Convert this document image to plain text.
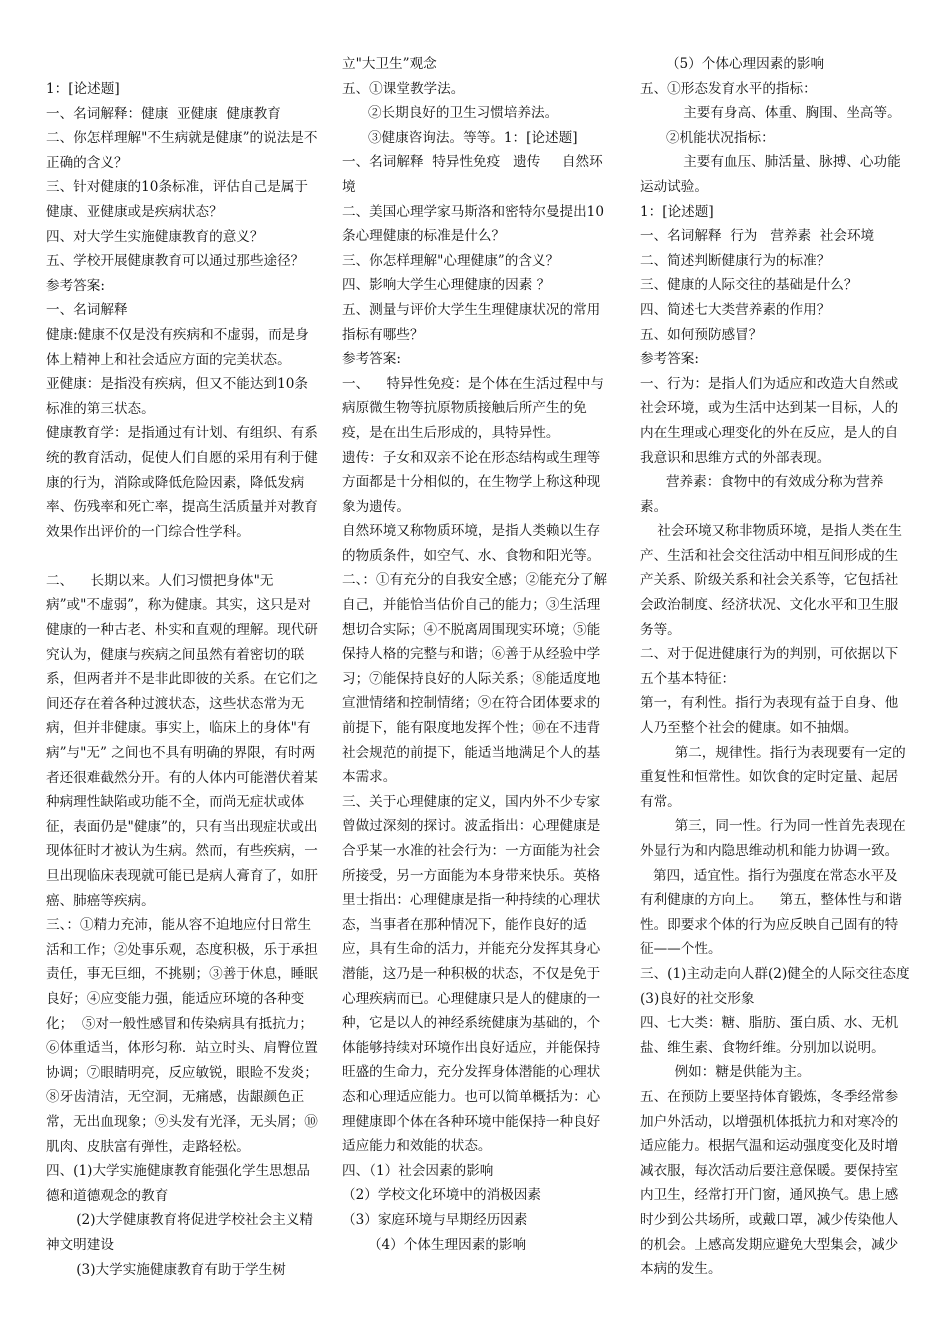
1：[论述题]

一、名词解释：健康  亚健康  健康教育

二、你怎样理解"不生病就是健康”的说法是不正确的含义？

三、针对健康的10条标准，评估自己是属于健康、亚健康或是疾病状态？

四、对大学生实施健康教育的意义？

五、学校开展健康教育可以通过那些途径？

参考答案:

一、名词解释

健康:健康不仅是没有疾病和不虚弱，而是身体上精神上和社会适应方面的完美状态。

亚健康：是指没有疾病，但又不能达到10条标准的第三状态。

健康教育学：是指通过有计划、有组织、有系统的教育活动，促使人们自愿的采用有利于健康的行为，消除或降低危险因素，降低发病率、伤残率和死亡率，提高生活质量并对教育效果作出评价的一门综合性学科。

二、    长期以来。人们习惯把身体"无病”或"不虚弱”，称为健康。其实，这只是对健康的一种古老、朴实和直观的理解。现代研究认为，健康与疾病之间虽然有着密切的联系，但两者并不是非此即彼的关系。在它们之间还存在着各种过渡状态，这些状态常为无病，但并非健康。事实上，临床上的身体"有  病”与"无” 之间也不具有明确的界限，有时两者还很难截然分开。有的人体内可能潜伏着某种病理性缺陷或功能不全，而尚无症状或体征，表面仍是"健康”的，只有当出现症状或出现体征时才被认为生病。然而，有些疾病，一旦出现临床表现就可能已是病人膏育了，如肝癌、肺癌等疾病。

三、：①精力充沛，能从容不迫地应付日常生活和工作；②处事乐观，态度积极，乐于承担责任，事无巨细，不挑剔；③善于休息，睡眠良好；④应变能力强，能适应环境的各种变化；  ⑤对一般性感冒和传染病具有抵抗力；⑥体重适当，体形匀称．站立时头、肩臀位置协调；⑦眼睛明亮，反应敏锐，眼睑不发炎；⑧牙齿清洁，无空洞，无痛感，齿龈颜色正常，无出血现象；⑨头发有光泽，无头屑；⑩肌肉、皮肤富有弹性，走路轻松。

四、(1)大学实施健康教育能强化学生思想品德和道德观念的教育

(2)大学健康教育将促进学校社会主义精神文明建设

(3)大学实施健康教育有助于学生树

立"大卫生”观念

五、①课堂教学法。

②长期良好的卫生习惯培养法。

③健康咨询法。等等。1：[论述题]

一、名词解释  特异性免疫   遗传     自然环境

二、美国心理学家马斯洛和密特尔曼提出10条心理健康的标准是什么？

三、你怎样理解"心理健康”的含义？

四、影响大学生心理健康的因素 ？

五、测量与评价大学生生理健康状况的常用指标有哪些？

参考答案:

一、    特异性免疫：是个体在生活过程中与病原微生物等抗原物质接触后所产生的免疫，是在出生后形成的，具特异性。

遗传：子女和双亲不论在形态结构或生理等方面都是十分相似的，在生物学上称这种现象为遗传。

自然环境又称物质环境，是指人类赖以生存的物质条件，如空气、水、食物和阳光等。

二、：①有充分的自我安全感；②能充分了解自己，并能恰当估价自己的能力；③生活理想切合实际；④不脱离周围现实环境；⑤能保持人格的完整与和谐；⑥善于从经验中学习；⑦能保持良好的人际关系；⑧能适度地宣泄情绪和控制情绪；⑨在符合团体要求的前提下，能有限度地发挥个性；⑩在不违背社会规范的前提下，能适当地满足个人的基本需求。

三、关于心理健康的定义，国内外不少专家曾做过深刻的探讨。波孟指出：心理健康是合乎某一水准的社会行为：一方面能为社会所接受，另一方面能为本身带来快乐。英格里士指出：心理健康是指一种持续的心理状态，当事者在那种情况下，能作良好的适应，具有生命的活力，并能充分发挥其身心潜能，这乃是一种积极的状态，不仅是免于心理疾病而已。心理健康只是人的健康的一种，它是以人的神经系统健康为基础的，个体能够持续对环境作出良好适应，并能保持旺盛的生命力，充分发挥身体潜能的心理状态和心理适应能力。也可以简单概括为：心理健康即个体在各种环境中能保持一种良好适应能力和效能的状态。

四、（1）社会因素的影响

（2）学校文化环境中的消极因素

（3）家庭环境与早期经历因素

（4）个体生理因素的影响

（5）个体心理因素的影响

五、①形态发育水平的指标：

主要有身高、体重、胸围、坐高等。

②机能状况指标：

主要有血压、肺活量、脉搏、心功能运动试验。

1：[论述题]

一、名词解释  行为   营养素  社会环境

二、简述判断健康行为的标准？

三、健康的人际交往的基础是什么？

四、简述七大类营养素的作用？

五、如何预防感冒？

参考答案:

一、行为：是指人们为适应和改造大自然或社会环境，或为生活中达到某一目标，人的内在生理或心理变化的外在反应，是人的自我意识和思维方式的外部表现。

营养素：食物中的有效成分称为营养素。

社会环境又称非物质环境，是指人类在生产、生活和社会交往活动中相互间形成的生产关系、阶级关系和社会关系等，它包括社会政治制度、经济状况、文化水平和卫生服务等。

二、对于促进健康行为的判别，可依据以下五个基本特征：

第一，有利性。指行为表现有益于自身、他人乃至整个社会的健康。如不抽烟。

第二，规律性。指行为表现要有一定的重复性和恒常性。如饮食的定时定量、起居有常。

第三，同一性。行为同一性首先表现在外显行为和内隐思维动机和能力协调一致。

第四，适宜性。指行为强度在常态水平及有利健康的方向上。    第五，整体性与和谐性。即要求个体的行为应反映自己固有的特征——个性。

三、(1)主动走向人群(2)健全的人际交往态度(3)良好的社交形象

四、七大类：糖、脂肪、蛋白质、水、无机盐、维生素、食物纤维。分别加以说明。

例如：糖是供能为主。

五、在预防上要坚持体育锻炼，冬季经常参加户外活动，以增强机体抵抗力和对寒冷的适应能力。根据气温和运动强度变化及时增减衣服，每次活动后要注意保暖。要保持室内卫生，经常打开门窗，通风换气。患上感时少到公共场所，或戴口罩，减少传染他人的机会。上感高发期应避免大型集会，减少本病的发生。
